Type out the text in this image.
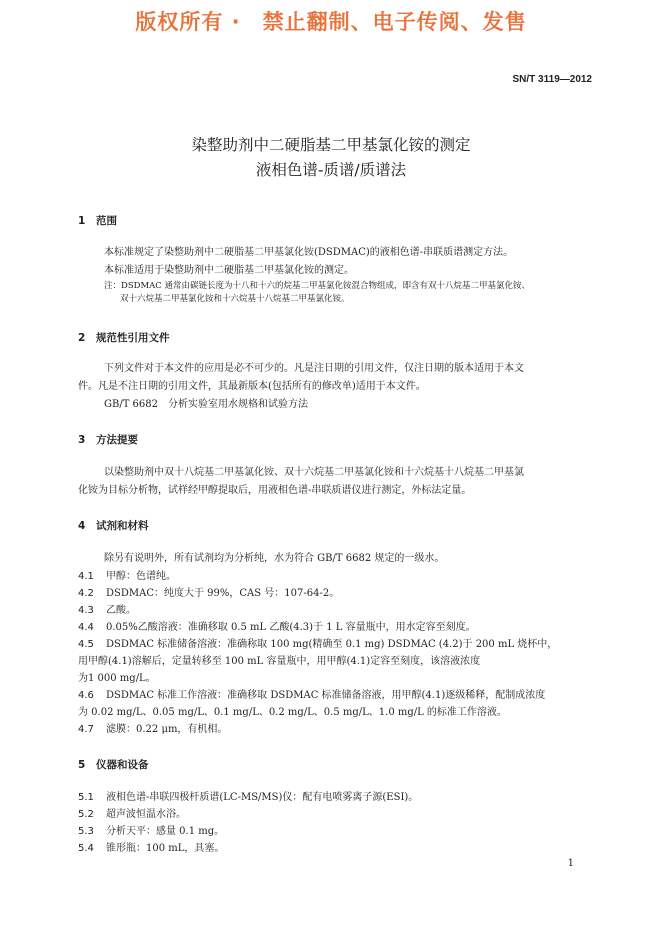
版权所有 ·　禁止翻制、电子传阅、发售
SN/T 3119—2012
染整助剂中二硬脂基二甲基氯化铵的测定
液相色谱-质谱/质谱法
1 范围
本标准规定了染整助剂中二硬脂基二甲基氯化铵(DSDMAC)的液相色谱-串联质谱测定方法。
本标准适用于染整助剂中二硬脂基二甲基氯化铵的测定。
注：DSDMAC 通常由碳链长度为十八和十六的烷基二甲基氯化铵混合物组成，即含有双十八烷基二甲基氯化铵、
双十六烷基二甲基氯化铵和十六烷基十八烷基二甲基氯化铵。
2 规范性引用文件
下列文件对于本文件的应用是必不可少的。凡是注日期的引用文件，仅注日期的版本适用于本文
件。凡是不注日期的引用文件，其最新版本(包括所有的修改单)适用于本文件。
GB/T 6682　分析实验室用水规格和试验方法
3 方法提要
以染整助剂中双十八烷基二甲基氯化铵、双十六烷基二甲基氯化铵和十六烷基十八烷基二甲基氯
化铵为目标分析物，试样经甲醇提取后，用液相色谱-串联质谱仪进行测定，外标法定量。
4 试剂和材料
除另有说明外，所有试剂均为分析纯，水为符合 GB/T 6682 规定的一级水。
4.1 甲醇：色谱纯。
4.2 DSDMAC：纯度大于 99%，CAS 号：107-64-2。
4.3 乙酸。
4.4 0.05%乙酸溶液：准确移取 0.5 mL 乙酸(4.3)于 1 L 容量瓶中，用水定容至刻度。
4.5 DSDMAC 标准储备溶液：准确称取 100 mg(精确至 0.1 mg) DSDMAC (4.2)于 200 mL 烧杯中，
用甲醇(4.1)溶解后，定量转移至 100 mL 容量瓶中，用甲醇(4.1)定容至刻度，该溶液浓度
为1 000 mg/L。
4.6 DSDMAC 标准工作溶液：准确移取 DSDMAC 标准储备溶液，用甲醇(4.1)逐级稀释，配制成浓度
为 0.02 mg/L、0.05 mg/L、0.1 mg/L、0.2 mg/L、0.5 mg/L、1.0 mg/L 的标准工作溶液。
4.7 滤膜：0.22 μm，有机相。
5 仪器和设备
5.1 液相色谱-串联四极杆质谱(LC-MS/MS)仪：配有电喷雾离子源(ESI)。
5.2 超声波恒温水浴。
5.3 分析天平：感量 0.1 mg。
5.4 锥形瓶：100 mL，具塞。
1
